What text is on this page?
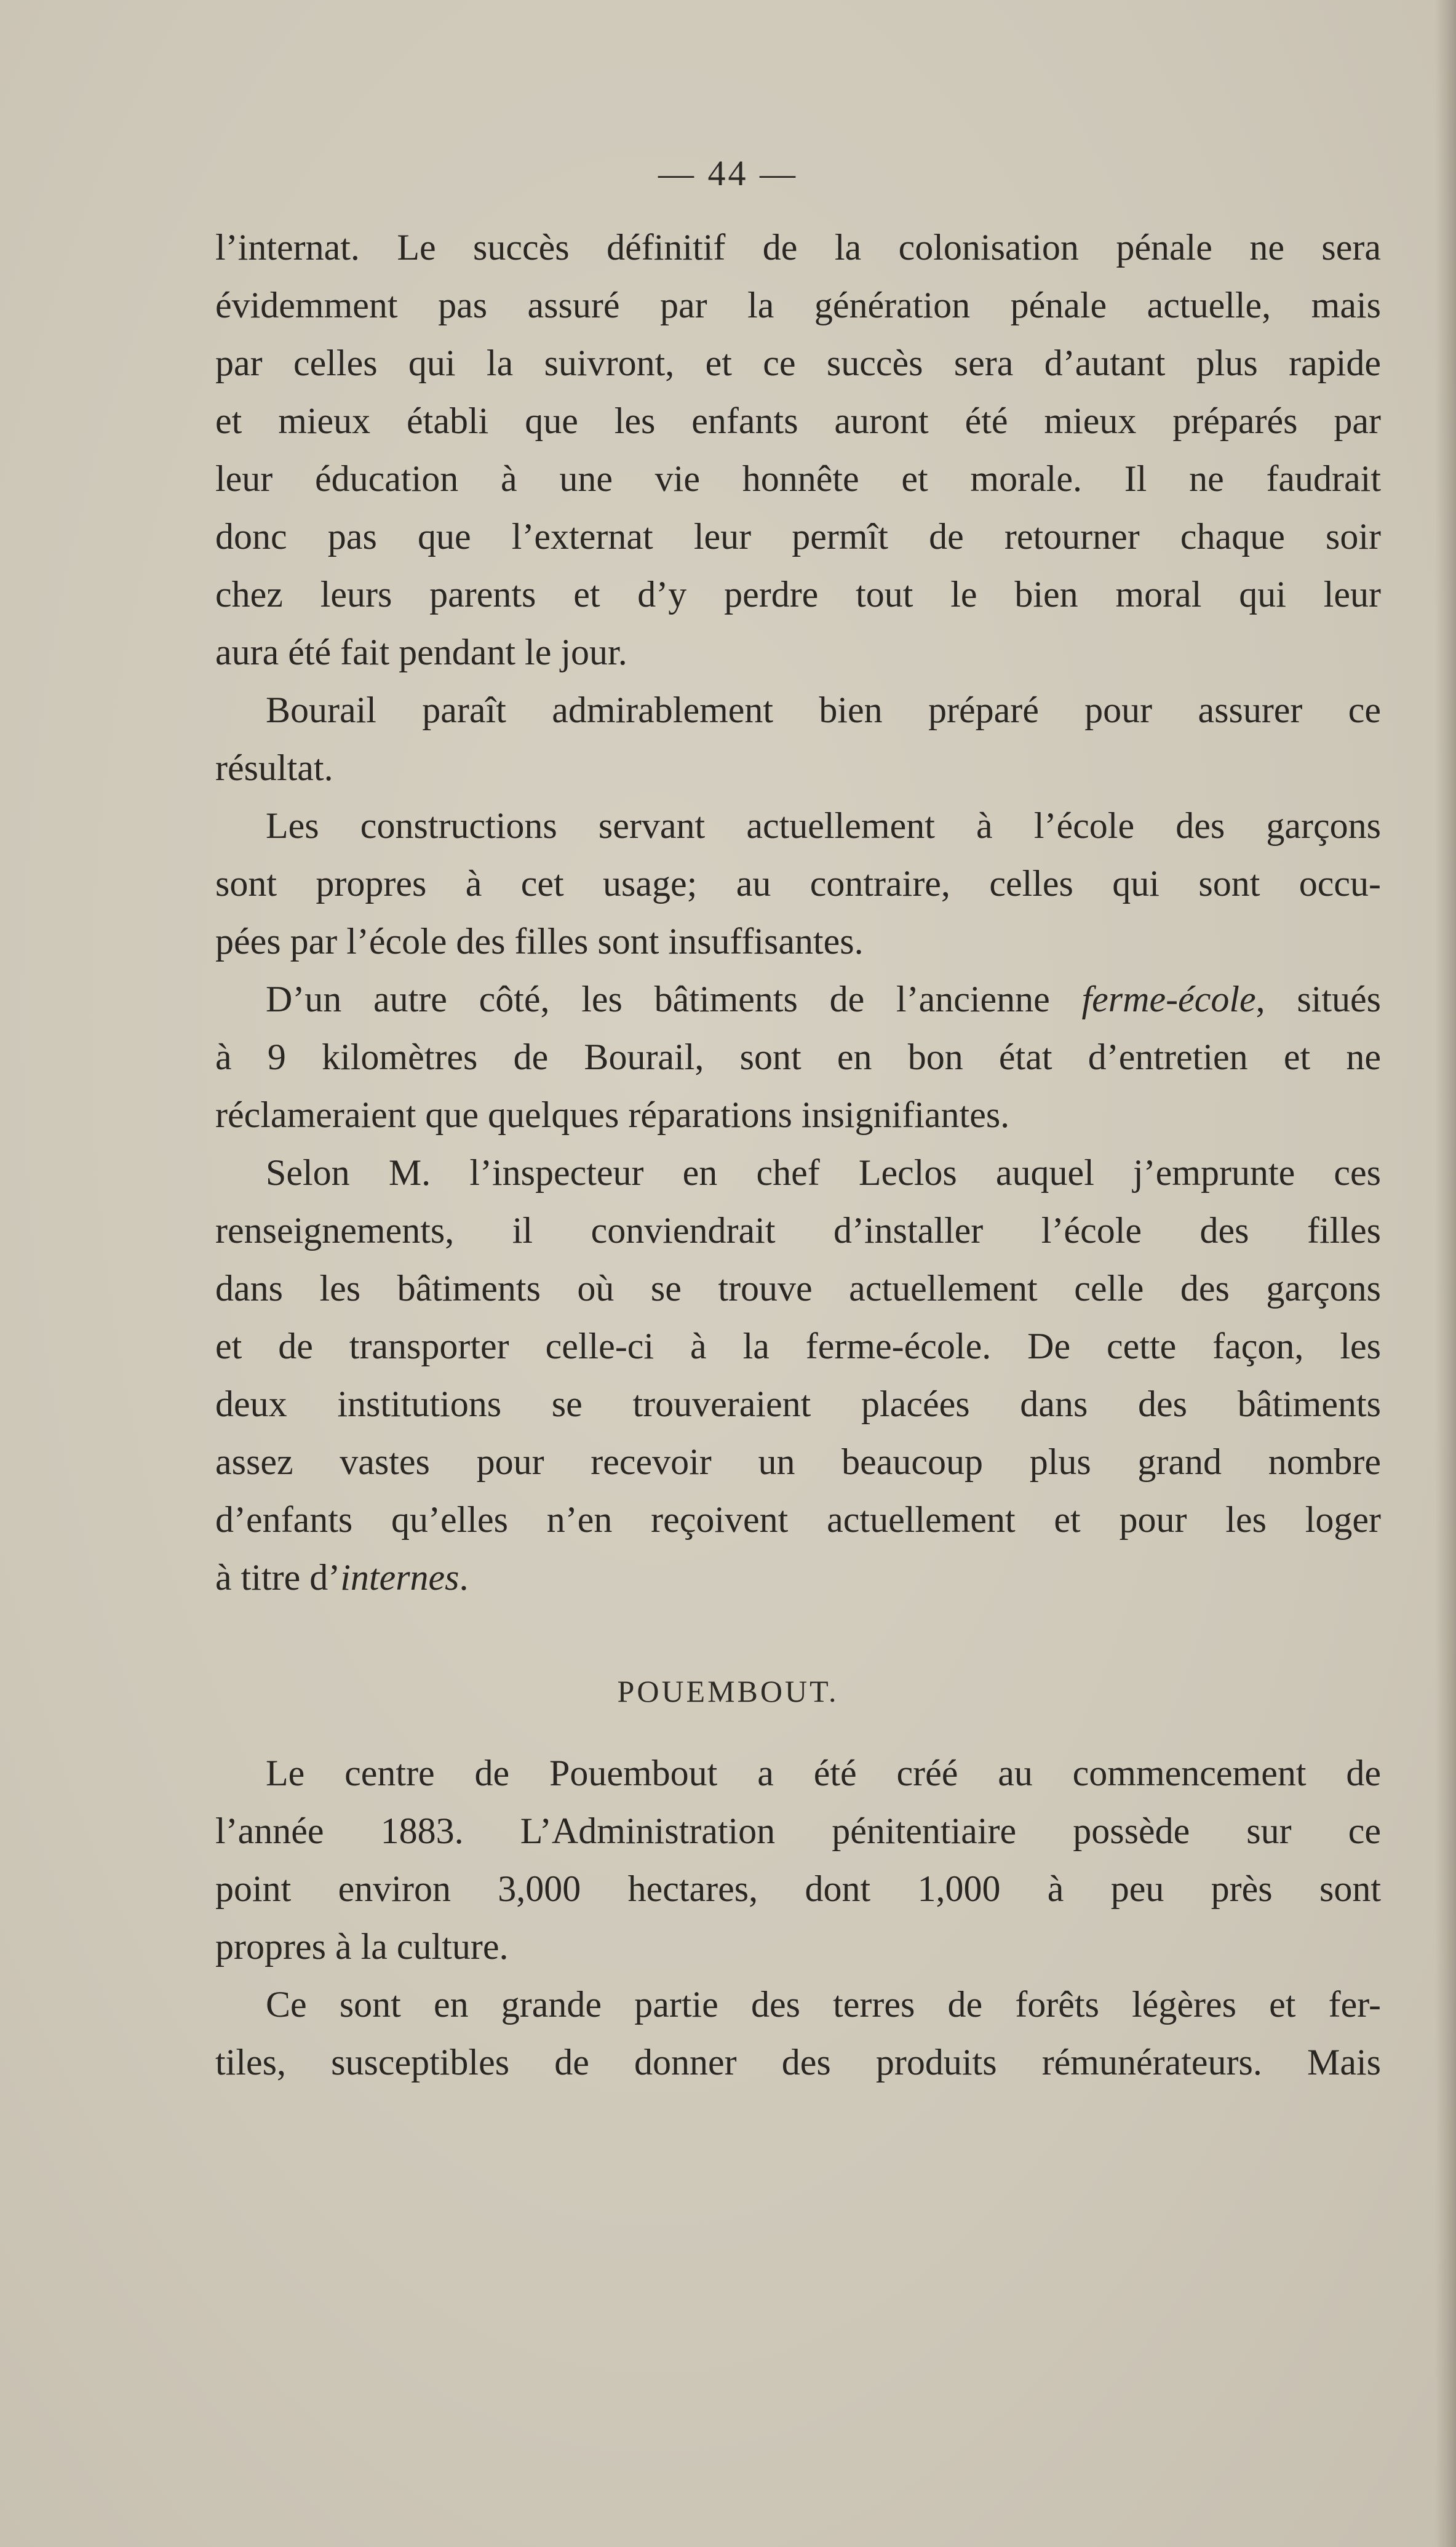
— 44 —

l’internat. Le succès définitif de la colonisation pénale ne sera

évidemment pas assuré par la génération pénale actuelle, mais

par celles qui la suivront, et ce succès sera d’autant plus rapide

et mieux établi que les enfants auront été mieux préparés par

leur éducation à une vie honnête et morale. Il ne faudrait

donc pas que l’externat leur permît de retourner chaque soir

chez leurs parents et d’y perdre tout le bien moral qui leur

aura été fait pendant le jour.

Bourail paraît admirablement bien préparé pour assurer ce

résultat.

Les constructions servant actuellement à l’école des garçons

sont propres à cet usage; au contraire, celles qui sont occu-

pées par l’école des filles sont insuffisantes.

D’un autre côté, les bâtiments de l’ancienne ferme-école, situés

à 9 kilomètres de Bourail, sont en bon état d’entretien et ne

réclameraient que quelques réparations insignifiantes.

Selon M. l’inspecteur en chef Leclos auquel j’emprunte ces

renseignements, il conviendrait d’installer l’école des filles

dans les bâtiments où se trouve actuellement celle des garçons

et de transporter celle-ci à la ferme-école. De cette façon, les

deux institutions se trouveraient placées dans des bâtiments

assez vastes pour recevoir un beaucoup plus grand nombre

d’enfants qu’elles n’en reçoivent actuellement et pour les loger

à titre d’internes.

POUEMBOUT.

Le centre de Pouembout a été créé au commencement de

l’année 1883. L’Administration pénitentiaire possède sur ce

point environ 3,000 hectares, dont 1,000 à peu près sont

propres à la culture.

Ce sont en grande partie des terres de forêts légères et fer-

tiles, susceptibles de donner des produits rémunérateurs. Mais
